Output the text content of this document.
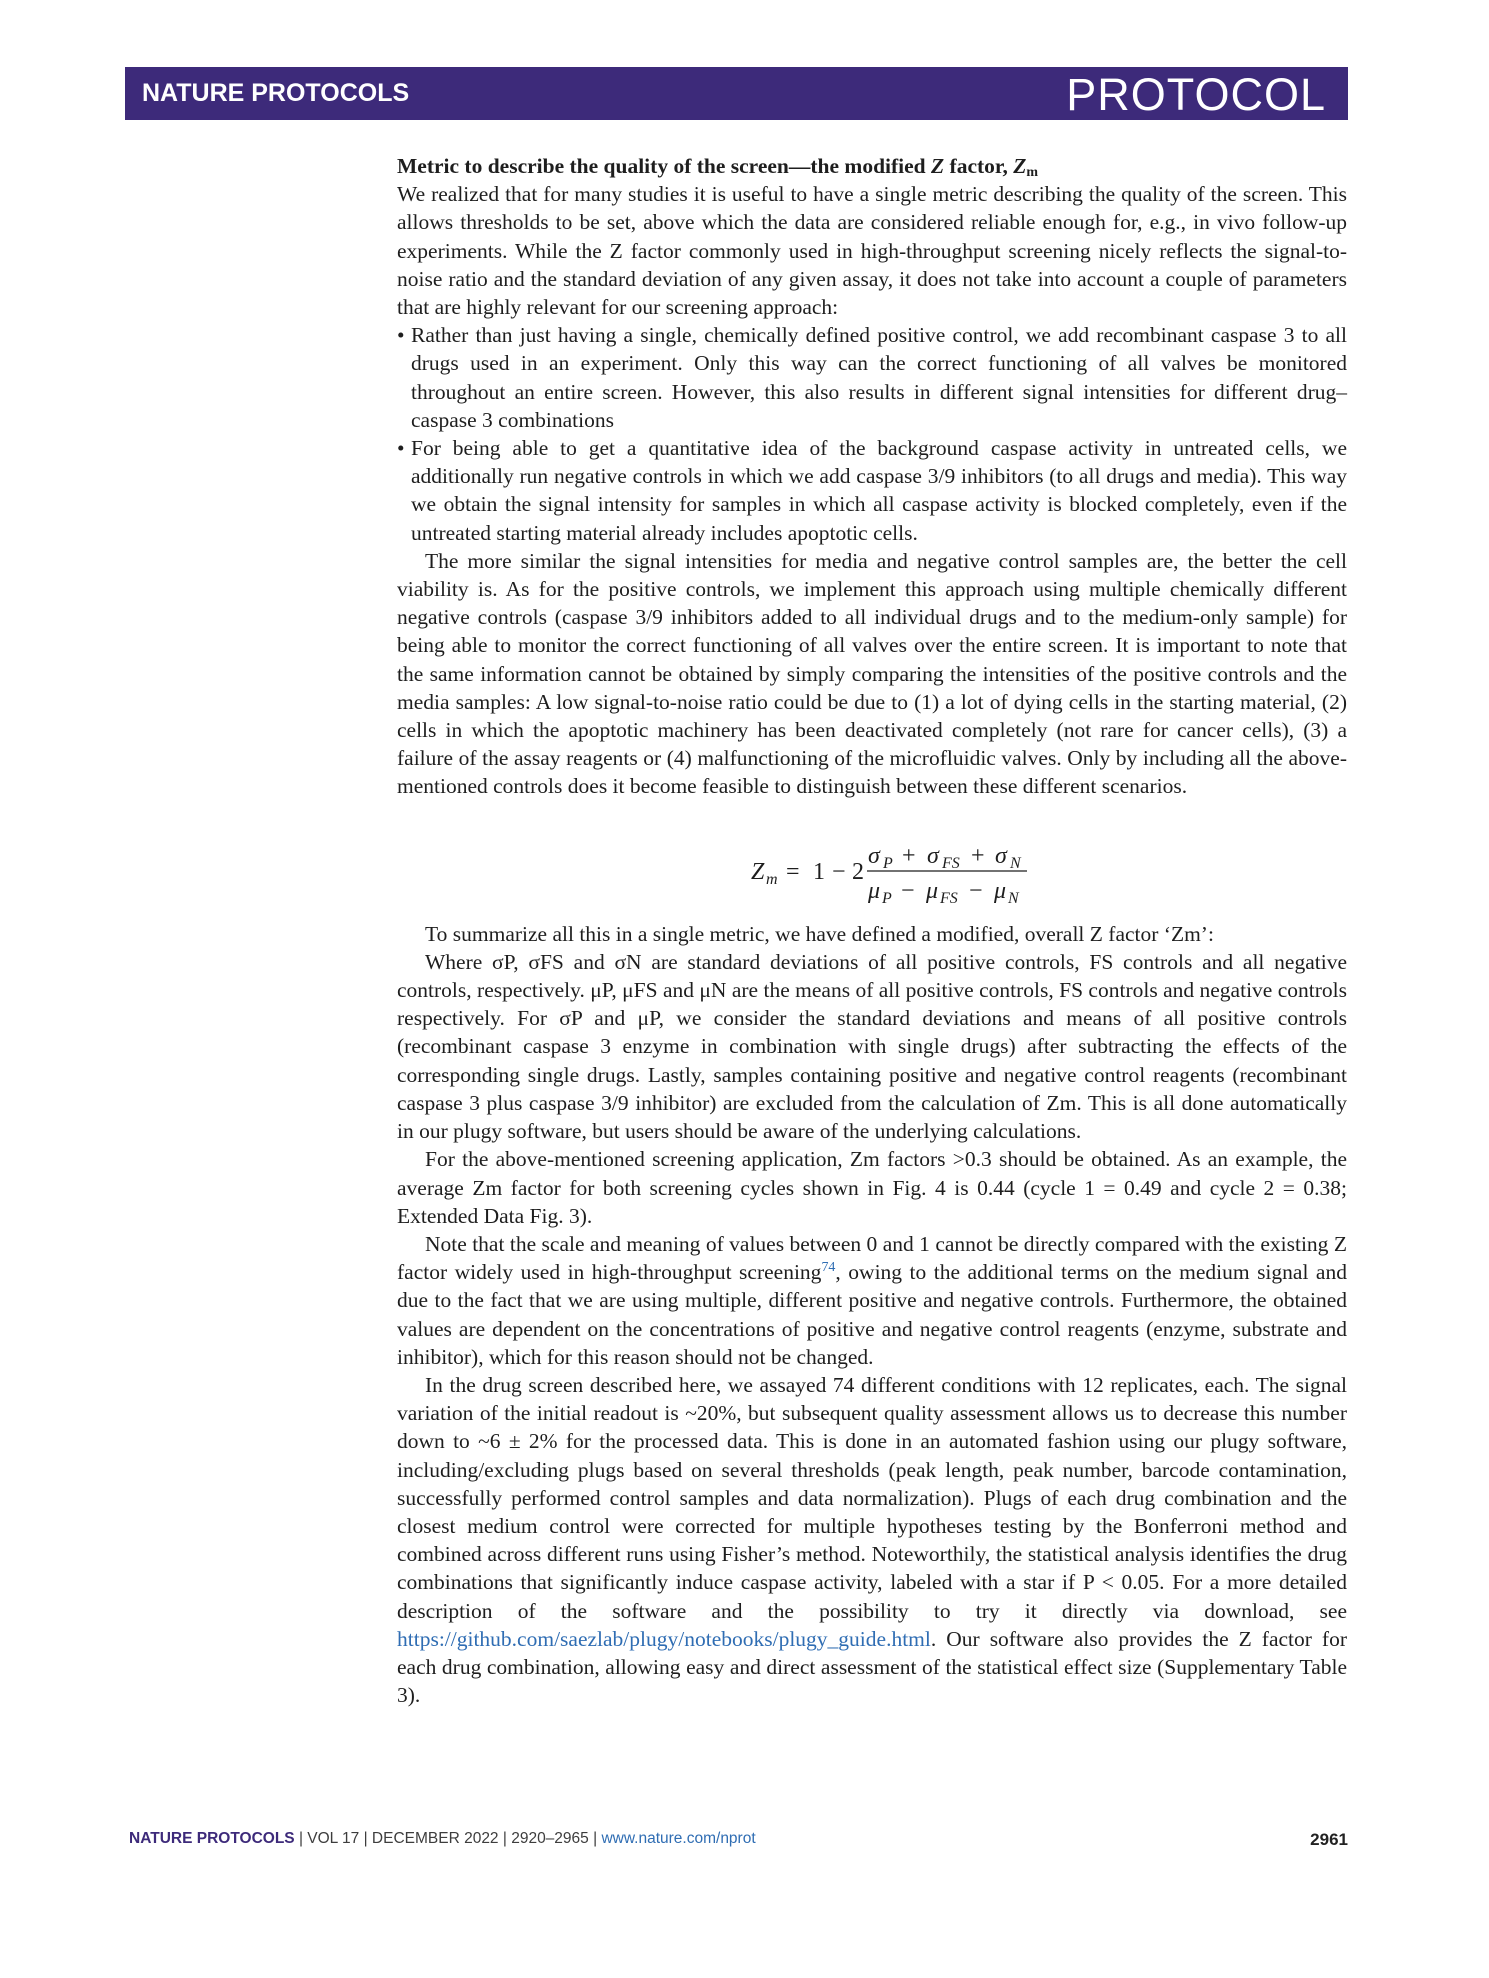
NATURE PROTOCOLS	PROTOCOL

Metric to describe the quality of the screen—the modified Z factor, $Z_m$

We realized that for many studies it is useful to have a single metric describing the quality of the screen. This allows thresholds to be set, above which the data are considered reliable enough for, e.g., in vivo follow-up experiments. While the Z factor commonly used in high-throughput screening nicely reflects the signal-to-noise ratio and the standard deviation of any given assay, it does not take into account a couple of parameters that are highly relevant for our screening approach:

• Rather than just having a single, chemically defined positive control, we add recombinant caspase 3 to all drugs used in an experiment. Only this way can the correct functioning of all valves be monitored throughout an entire screen. However, this also results in different signal intensities for different drug–caspase 3 combinations
• For being able to get a quantitative idea of the background caspase activity in untreated cells, we additionally run negative controls in which we add caspase 3/9 inhibitors (to all drugs and media). This way we obtain the signal intensity for samples in which all caspase activity is blocked completely, even if the untreated starting material already includes apoptotic cells.

The more similar the signal intensities for media and negative control samples are, the better the cell viability is. As for the positive controls, we implement this approach using multiple chemically different negative controls (caspase 3/9 inhibitors added to all individual drugs and to the medium-only sample) for being able to monitor the correct functioning of all valves over the entire screen. It is important to note that the same information cannot be obtained by simply comparing the intensities of the positive controls and the media samples: A low signal-to-noise ratio could be due to (1) a lot of dying cells in the starting material, (2) cells in which the apoptotic machinery has been deactivated completely (not rare for cancer cells), (3) a failure of the assay reagents or (4) malfunctioning of the microfluidic valves. Only by including all the above-mentioned controls does it become feasible to distinguish between these different scenarios.

Z m = 1 − 2
σ P + σ FS + σ N
μ P − μ FS − μ N

To summarize all this in a single metric, we have defined a modified, overall Z factor ‘Zm’:

Where σP, σFS and σN are standard deviations of all positive controls, FS controls and all negative controls, respectively. μP, μFS and μN are the means of all positive controls, FS controls and negative controls respectively. For σP and μP, we consider the standard deviations and means of all positive controls (recombinant caspase 3 enzyme in combination with single drugs) after subtracting the effects of the corresponding single drugs. Lastly, samples containing positive and negative control reagents (recombinant caspase 3 plus caspase 3/9 inhibitor) are excluded from the calculation of Zm. This is all done automatically in our plugy software, but users should be aware of the underlying calculations.

For the above-mentioned screening application, Zm factors >0.3 should be obtained. As an example, the average Zm factor for both screening cycles shown in Fig. 4 is 0.44 (cycle 1 = 0.49 and cycle 2 = 0.38; Extended Data Fig. 3).

Note that the scale and meaning of values between 0 and 1 cannot be directly compared with the existing Z factor widely used in high-throughput screening$^{74}$, owing to the additional terms on the medium signal and due to the fact that we are using multiple, different positive and negative controls. Furthermore, the obtained values are dependent on the concentrations of positive and negative control reagents (enzyme, substrate and inhibitor), which for this reason should not be changed.

In the drug screen described here, we assayed 74 different conditions with 12 replicates, each. The signal variation of the initial readout is ~20%, but subsequent quality assessment allows us to decrease this number down to ~6 ± 2% for the processed data. This is done in an automated fashion using our plugy software, including/excluding plugs based on several thresholds (peak length, peak number, barcode contamination, successfully performed control samples and data normalization). Plugs of each drug combination and the closest medium control were corrected for multiple hypotheses testing by the Bonferroni method and combined across different runs using Fisher’s method. Noteworthily, the statistical analysis identifies the drug combinations that significantly induce caspase activity, labeled with a star if P < 0.05. For a more detailed description of the software and the possibility to try it directly via download, see https://github.com/saezlab/plugy/notebooks/plugy_guide.html. Our software also provides the Z factor for each drug combination, allowing easy and direct assessment of the statistical effect size (Supplementary Table 3).

NATURE PROTOCOLS | VOL 17 | DECEMBER 2022 | 2920–2965 | www.nature.com/nprot	2961
